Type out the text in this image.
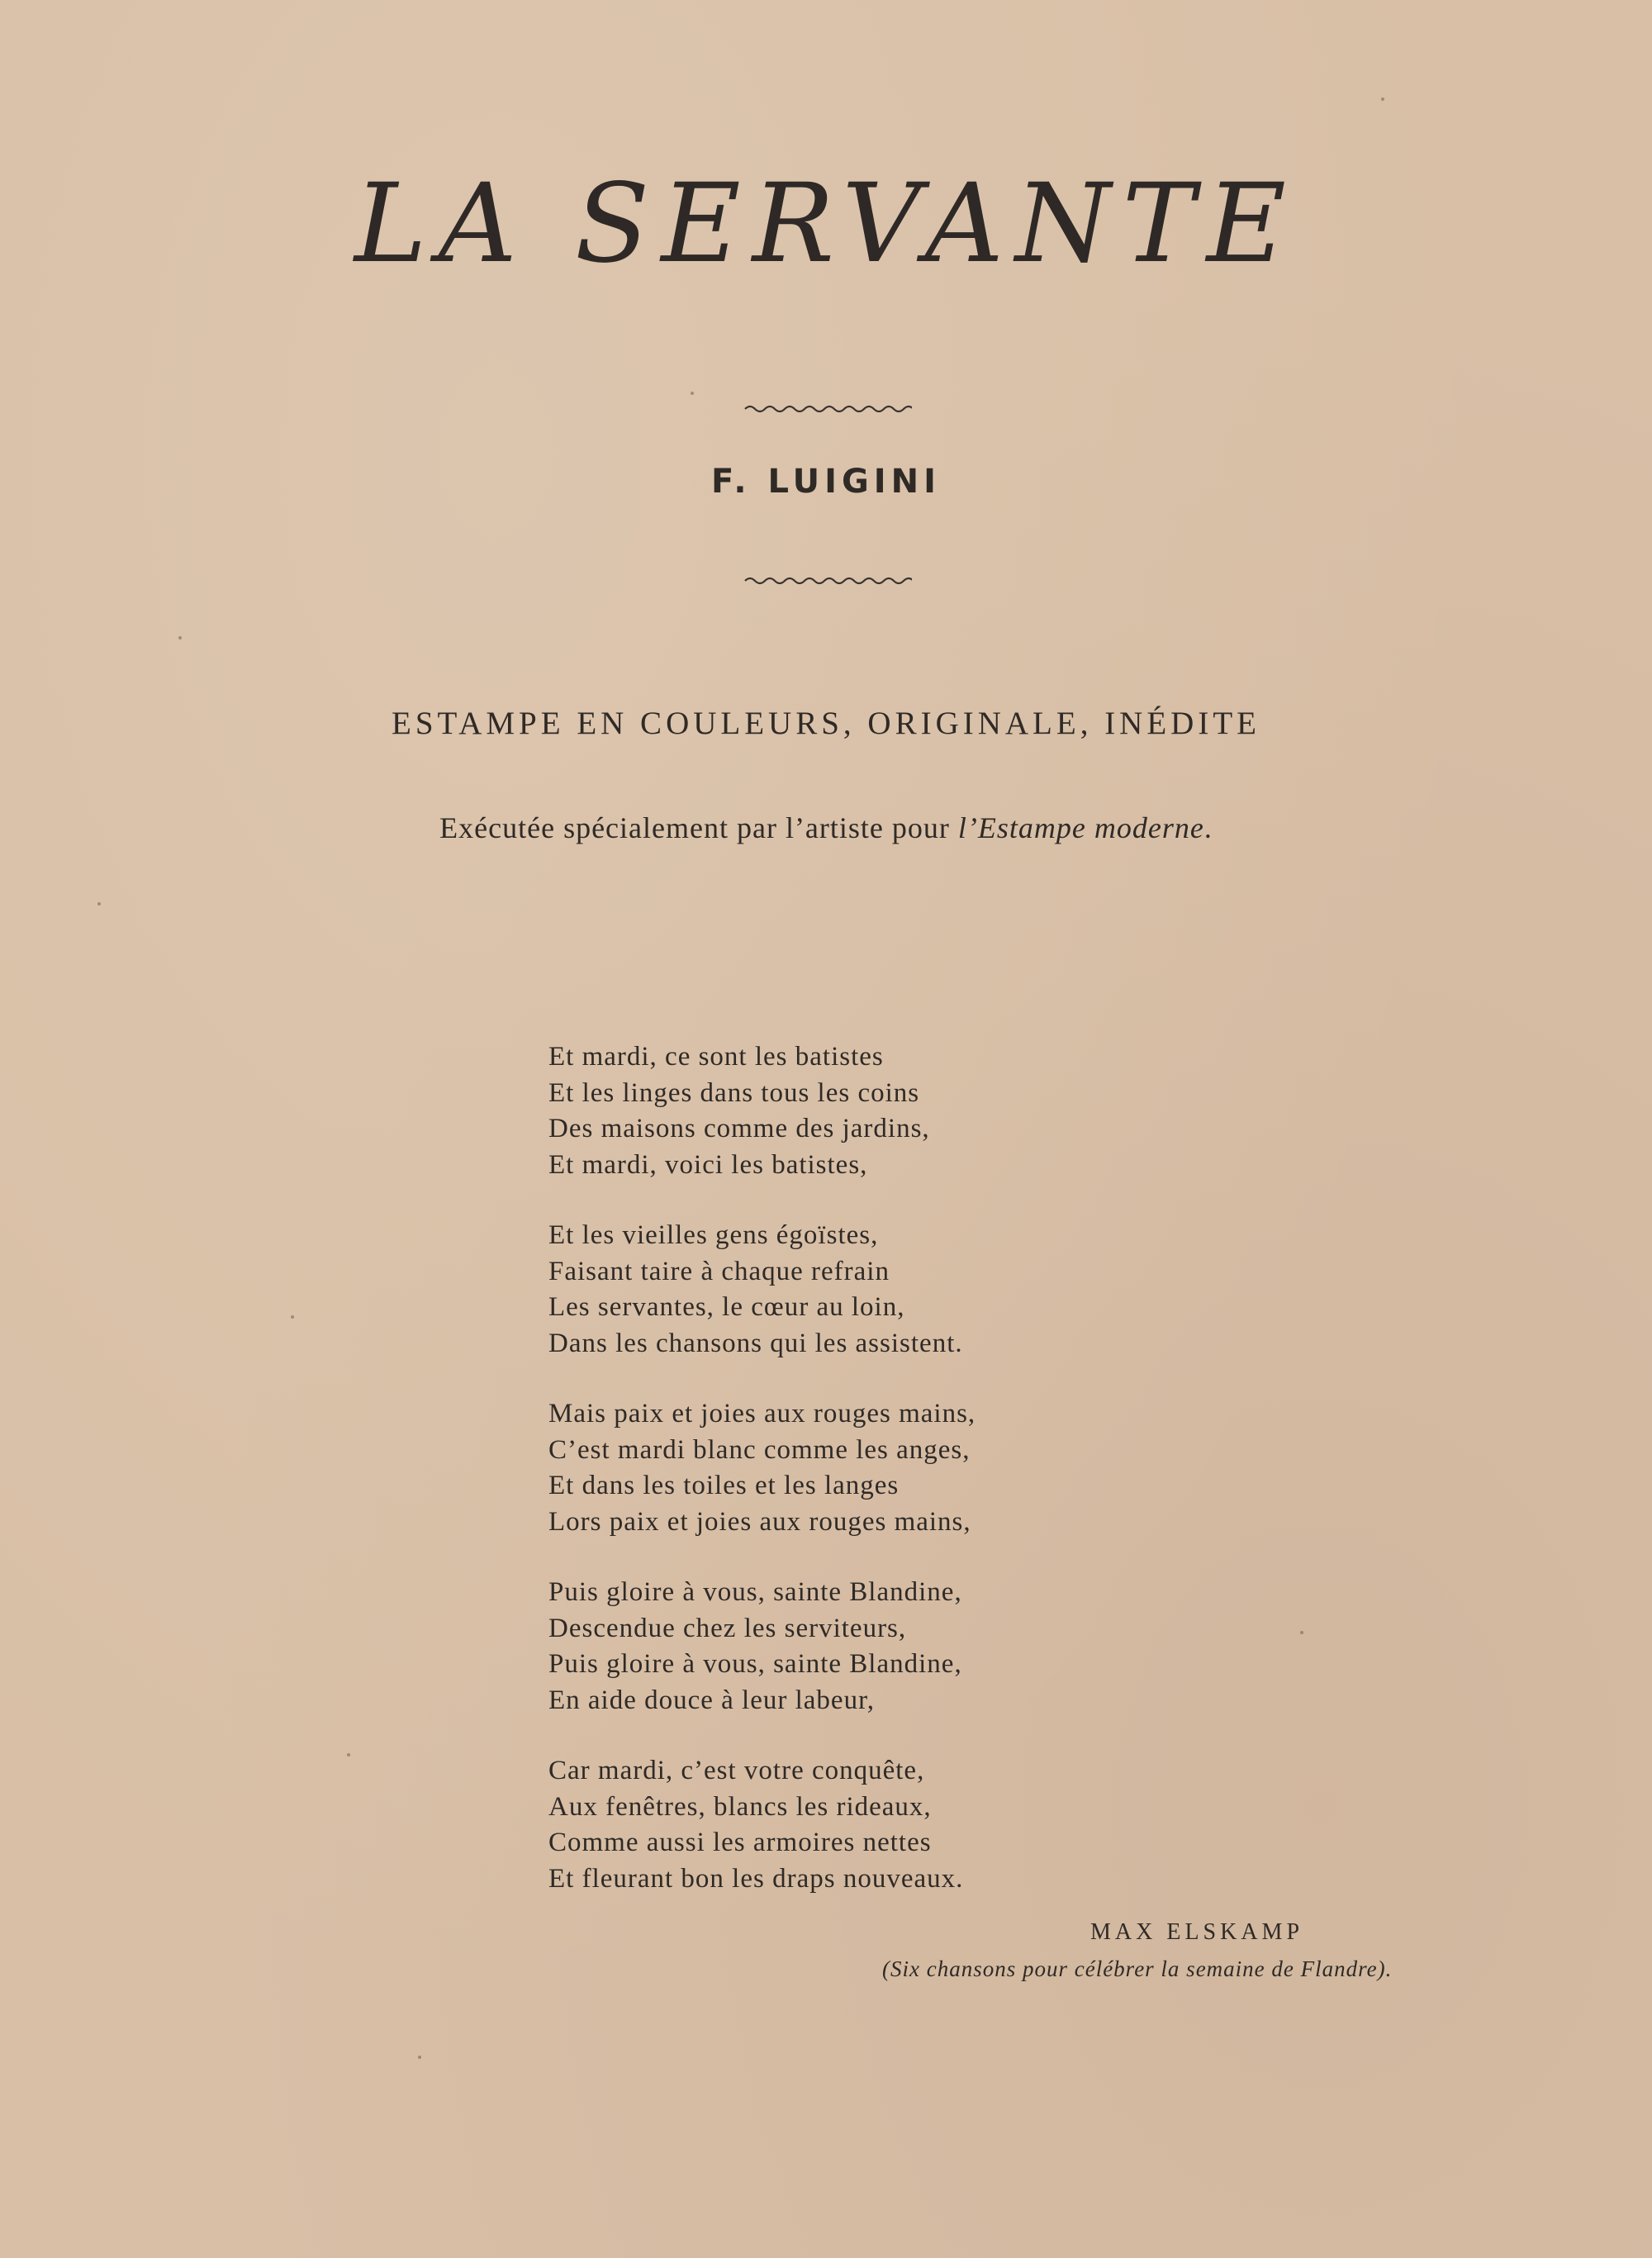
LA SERVANTE
F. LUIGINI

ESTAMPE EN COULEURS, ORIGINALE, INÉDITE

Exécutée spécialement par l’artiste pour l’Estampe moderne.

Et mardi, ce sont les batistes
Et les linges dans tous les coins
Des maisons comme des jardins,
Et mardi, voici les batistes,
Et les vieilles gens égoïstes,
Faisant taire à chaque refrain
Les servantes, le cœur au loin,
Dans les chansons qui les assistent.
Mais paix et joies aux rouges mains,
C’est mardi blanc comme les anges,
Et dans les toiles et les langes
Lors paix et joies aux rouges mains,
Puis gloire à vous, sainte Blandine,
Descendue chez les serviteurs,
Puis gloire à vous, sainte Blandine,
En aide douce à leur labeur,
Car mardi, c’est votre conquête,
Aux fenêtres, blancs les rideaux,
Comme aussi les armoires nettes
Et fleurant bon les draps nouveaux.

MAX ELSKAMP

(Six chansons pour célébrer la semaine de Flandre).
